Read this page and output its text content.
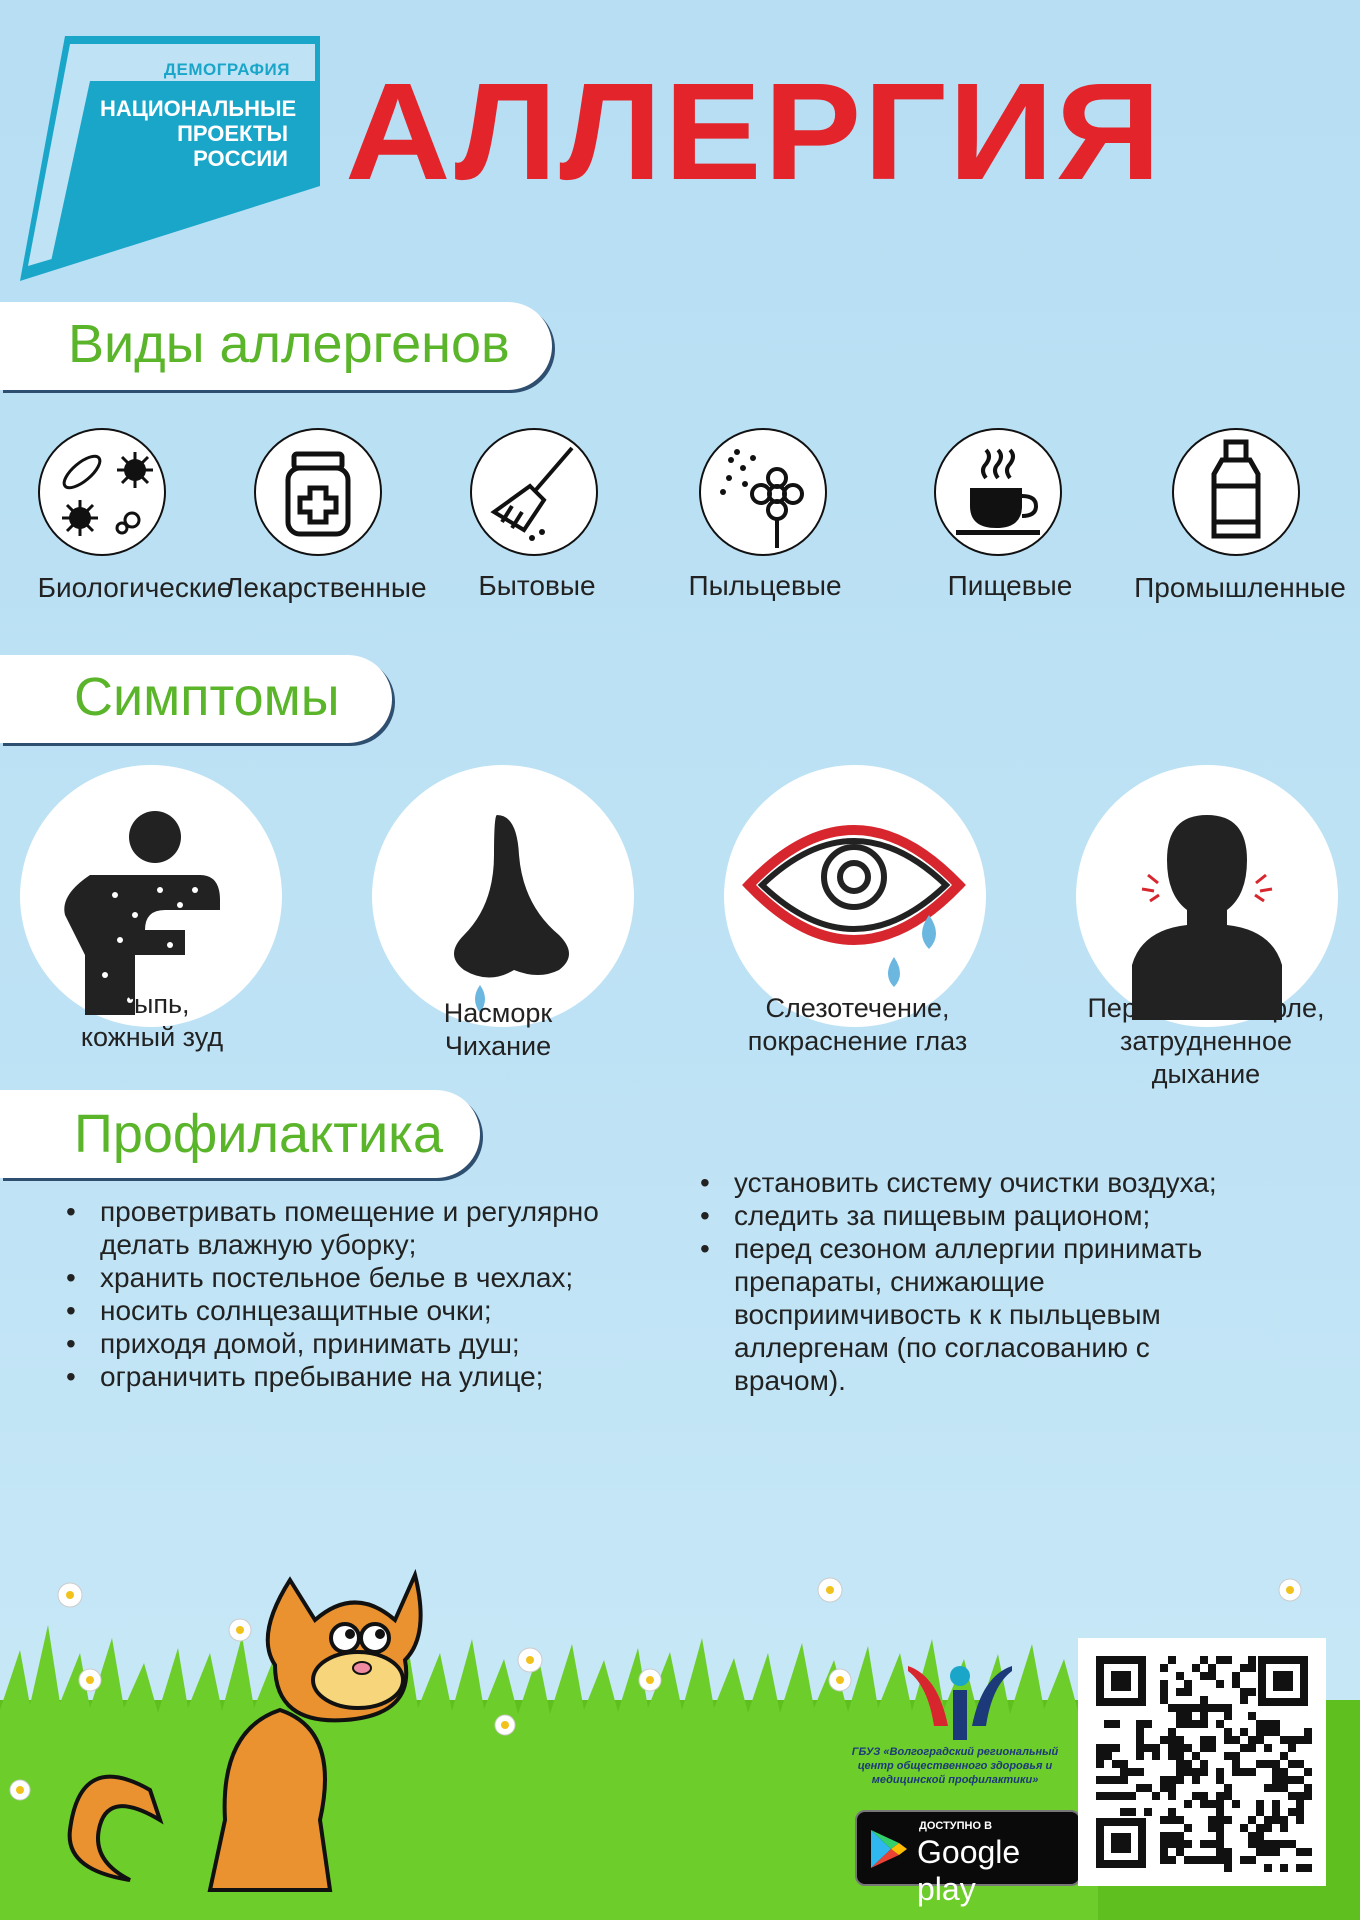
ДЕМОГРАФИЯ
НАЦИОНАЛЬНЫЕ ПРОЕКТЫ РОССИИ АЛЛЕРГИЯ
Виды аллергенов
Биологические
Лекарственные	Бытовые	Пыльцевые	Пищевые	Промышленные
Симптомы
Сыпь,
кожный зуд
Насморк
Чихание
Слезотечение,
покраснение глаз
Першение в горле,
затрудненное
дыхание
Профилактика
• проветривать помещение и регулярно делать влажную уборку;
• хранить постельное белье в чехлах;
• носить солнцезащитные очки;
• приходя домой, принимать душ;
• ограничить пребывание на улице;
• установить систему очистки воздуха;
• следить за пищевым рационом;
• перед сезоном аллергии принимать препараты, снижающие восприимчивость к к пыльцевым аллергенам (по согласованию с врачом).
ГБУЗ «Волгоградский региональный центр общественного здоровья и медицинской профилактики»
ДОСТУПНО В
Google play
